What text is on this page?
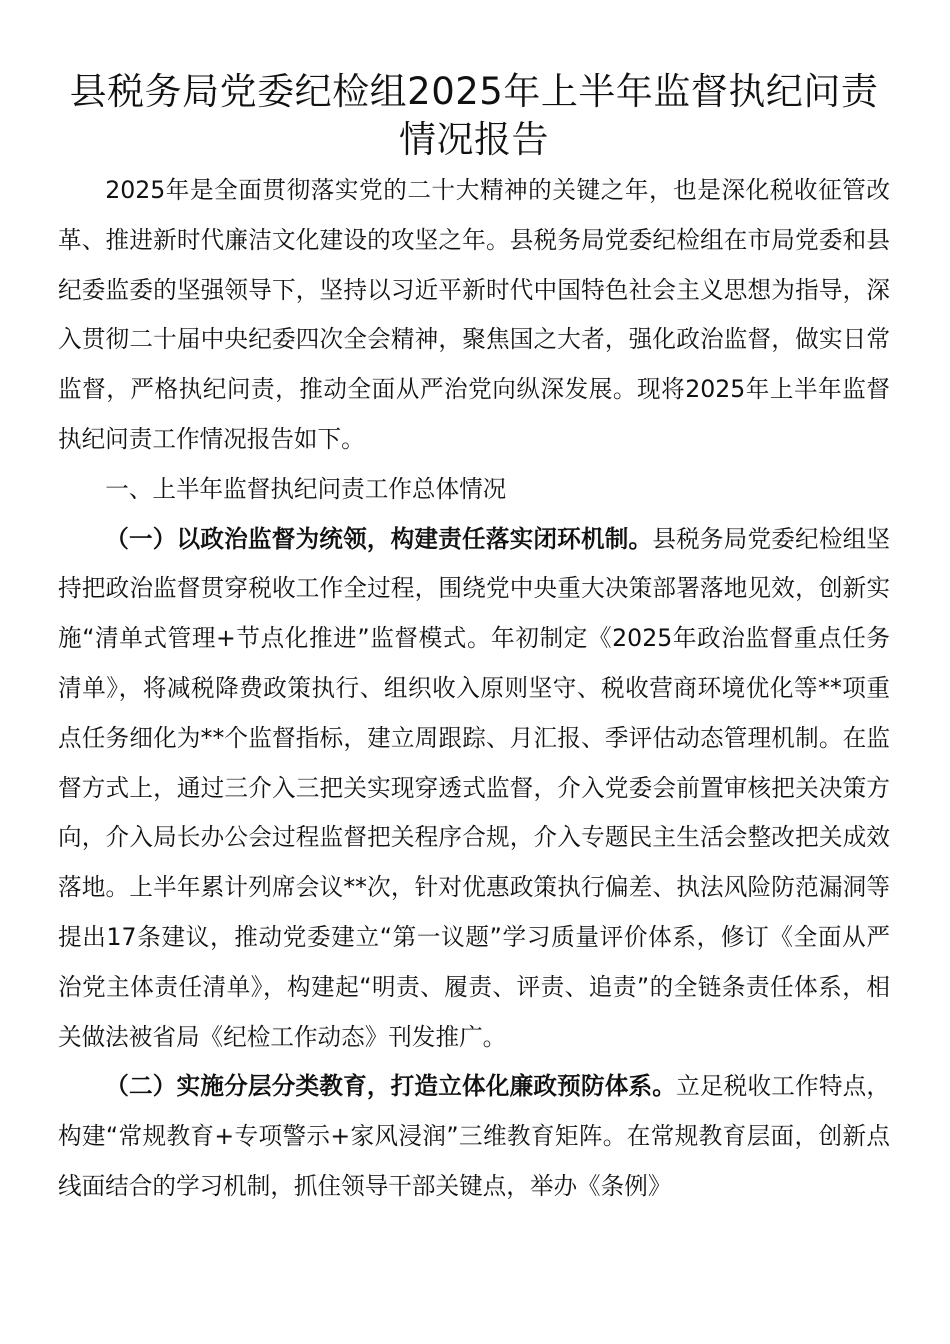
县税务局党委纪检组2025年上半年监督执纪问责情况报告

2025年是全面贯彻落实党的二十大精神的关键之年，也是深化税收征管改革、推进新时代廉洁文化建设的攻坚之年。县税务局党委纪检组在市局党委和县纪委监委的坚强领导下，坚持以习近平新时代中国特色社会主义思想为指导，深入贯彻二十届中央纪委四次全会精神，聚焦国之大者，强化政治监督，做实日常监督，严格执纪问责，推动全面从严治党向纵深发展。现将2025年上半年监督执纪问责工作情况报告如下。

一、上半年监督执纪问责工作总体情况

（一）以政治监督为统领，构建责任落实闭环机制。县税务局党委纪检组坚持把政治监督贯穿税收工作全过程，围绕党中央重大决策部署落地见效，创新实施“清单式管理+节点化推进”监督模式。年初制定《2025年政治监督重点任务清单》，将减税降费政策执行、组织收入原则坚守、税收营商环境优化等**项重点任务细化为**个监督指标，建立周跟踪、月汇报、季评估动态管理机制。在监督方式上，通过三介入三把关实现穿透式监督，介入党委会前置审核把关决策方向，介入局长办公会过程监督把关程序合规，介入专题民主生活会整改把关成效落地。上半年累计列席会议**次，针对优惠政策执行偏差、执法风险防范漏洞等提出17条建议，推动党委建立“第一议题”学习质量评价体系，修订《全面从严治党主体责任清单》，构建起“明责、履责、评责、追责”的全链条责任体系，相关做法被省局《纪检工作动态》刊发推广。

（二）实施分层分类教育，打造立体化廉政预防体系。立足税收工作特点，构建“常规教育+专项警示+家风浸润”三维教育矩阵。在常规教育层面，创新点线面结合的学习机制，抓住领导干部关键点，举办《条例》
